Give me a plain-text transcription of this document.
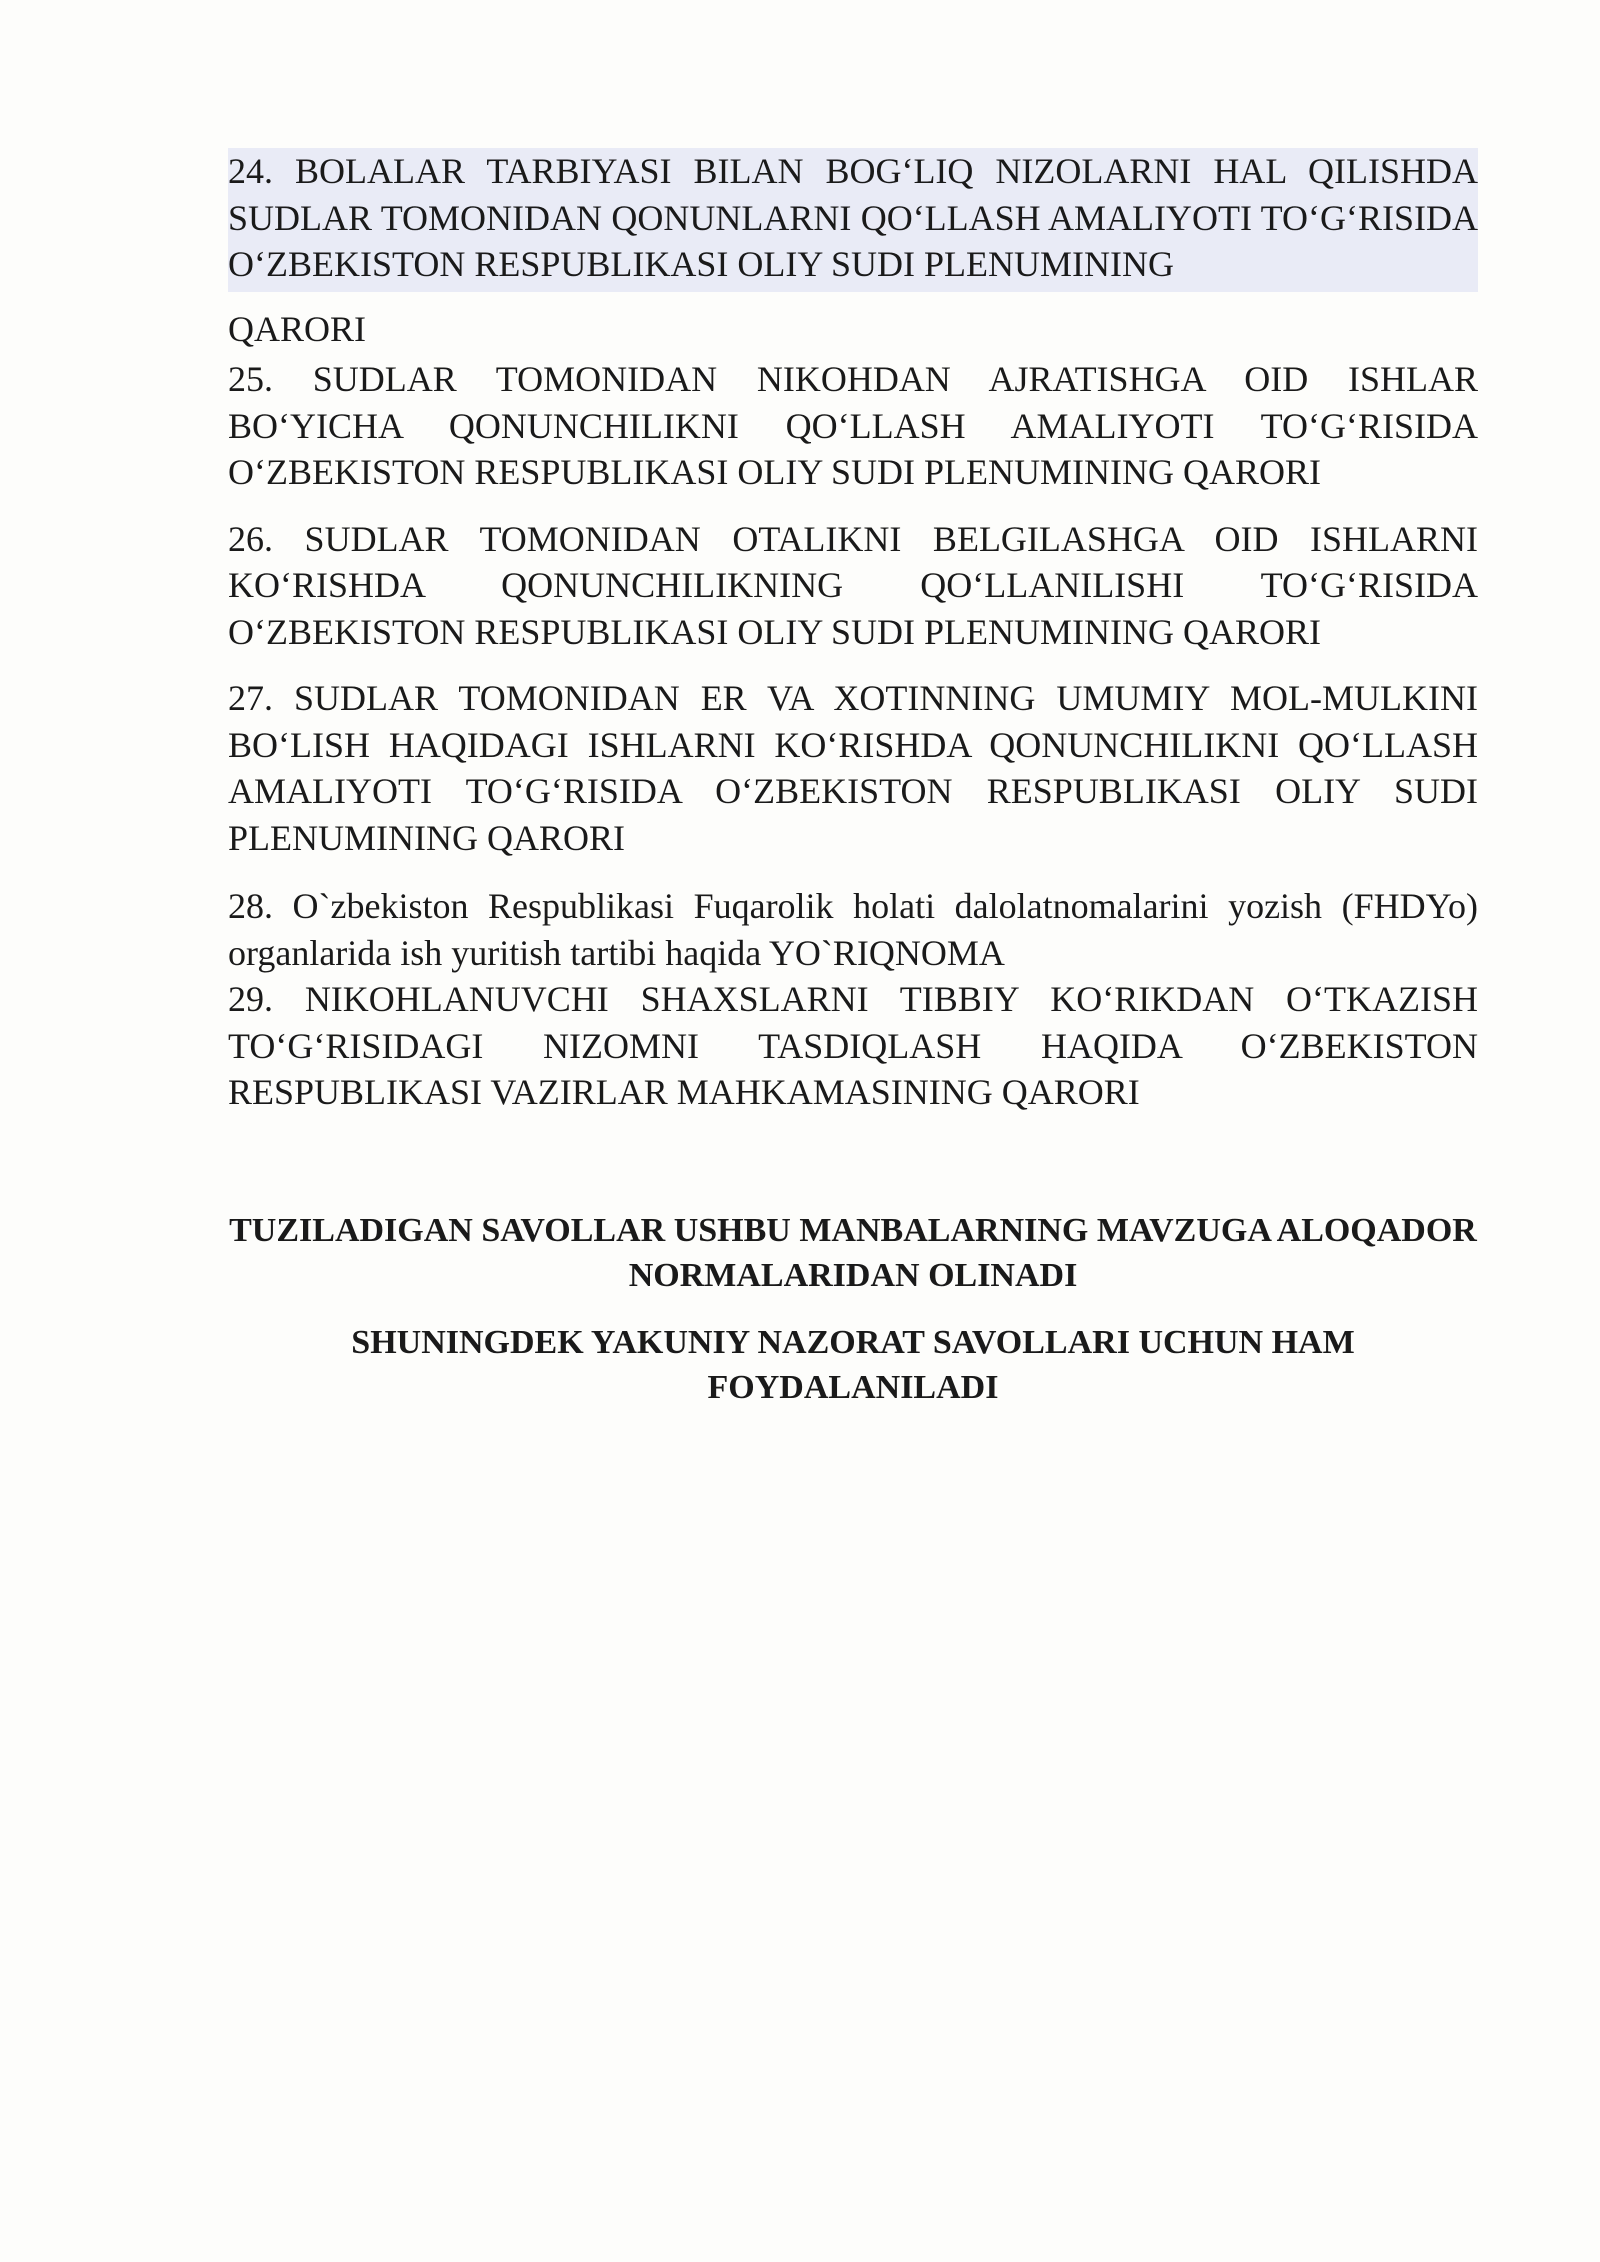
24. BOLALAR TARBIYASI BILAN BOG‘LIQ NIZOLARNI HAL QILISHDA SUDLAR TOMONIDAN QONUNLARNI QO‘LLASH AMALIYOTI TO‘G‘RISIDA O‘ZBEKISTON RESPUBLIKASI OLIY SUDI PLENUMINING

QARORI

25. SUDLAR TOMONIDAN NIKOHDAN AJRATISHGA OID ISHLAR BO‘YICHA QONUNCHILIKNI QO‘LLASH AMALIYOTI TO‘G‘RISIDA O‘ZBEKISTON RESPUBLIKASI OLIY SUDI PLENUMINING QARORI

26. SUDLAR TOMONIDAN OTALIKNI BELGILASHGA OID ISHLARNI KO‘RISHDA QONUNCHILIKNING QO‘LLANILISHI TO‘G‘RISIDA O‘ZBEKISTON RESPUBLIKASI OLIY SUDI PLENUMINING QARORI

27. SUDLAR TOMONIDAN ER VA XOTINNING UMUMIY MOL-MULKINI BO‘LISH HAQIDAGI ISHLARNI KO‘RISHDA QONUNCHILIKNI QO‘LLASH AMALIYOTI TO‘G‘RISIDA O‘ZBEKISTON RESPUBLIKASI OLIY SUDI PLENUMINING QARORI

28. O`zbekiston Respublikasi Fuqarolik holati dalolatnomalarini yozish (FHDYo) organlarida ish yuritish tartibi haqida YO`RIQNOMA

29. NIKOHLANUVCHI SHAXSLARNI TIBBIY KO‘RIKDAN O‘TKAZISH TO‘G‘RISIDAGI NIZOMNI TASDIQLASH HAQIDA O‘ZBEKISTON RESPUBLIKASI VAZIRLAR MAHKAMASINING QARORI

TUZILADIGAN SAVOLLAR USHBU MANBALARNING MAVZUGA ALOQADOR NORMALARIDAN OLINADI

SHUNINGDEK YAKUNIY NAZORAT SAVOLLARI UCHUN HAM FOYDALANILADI
